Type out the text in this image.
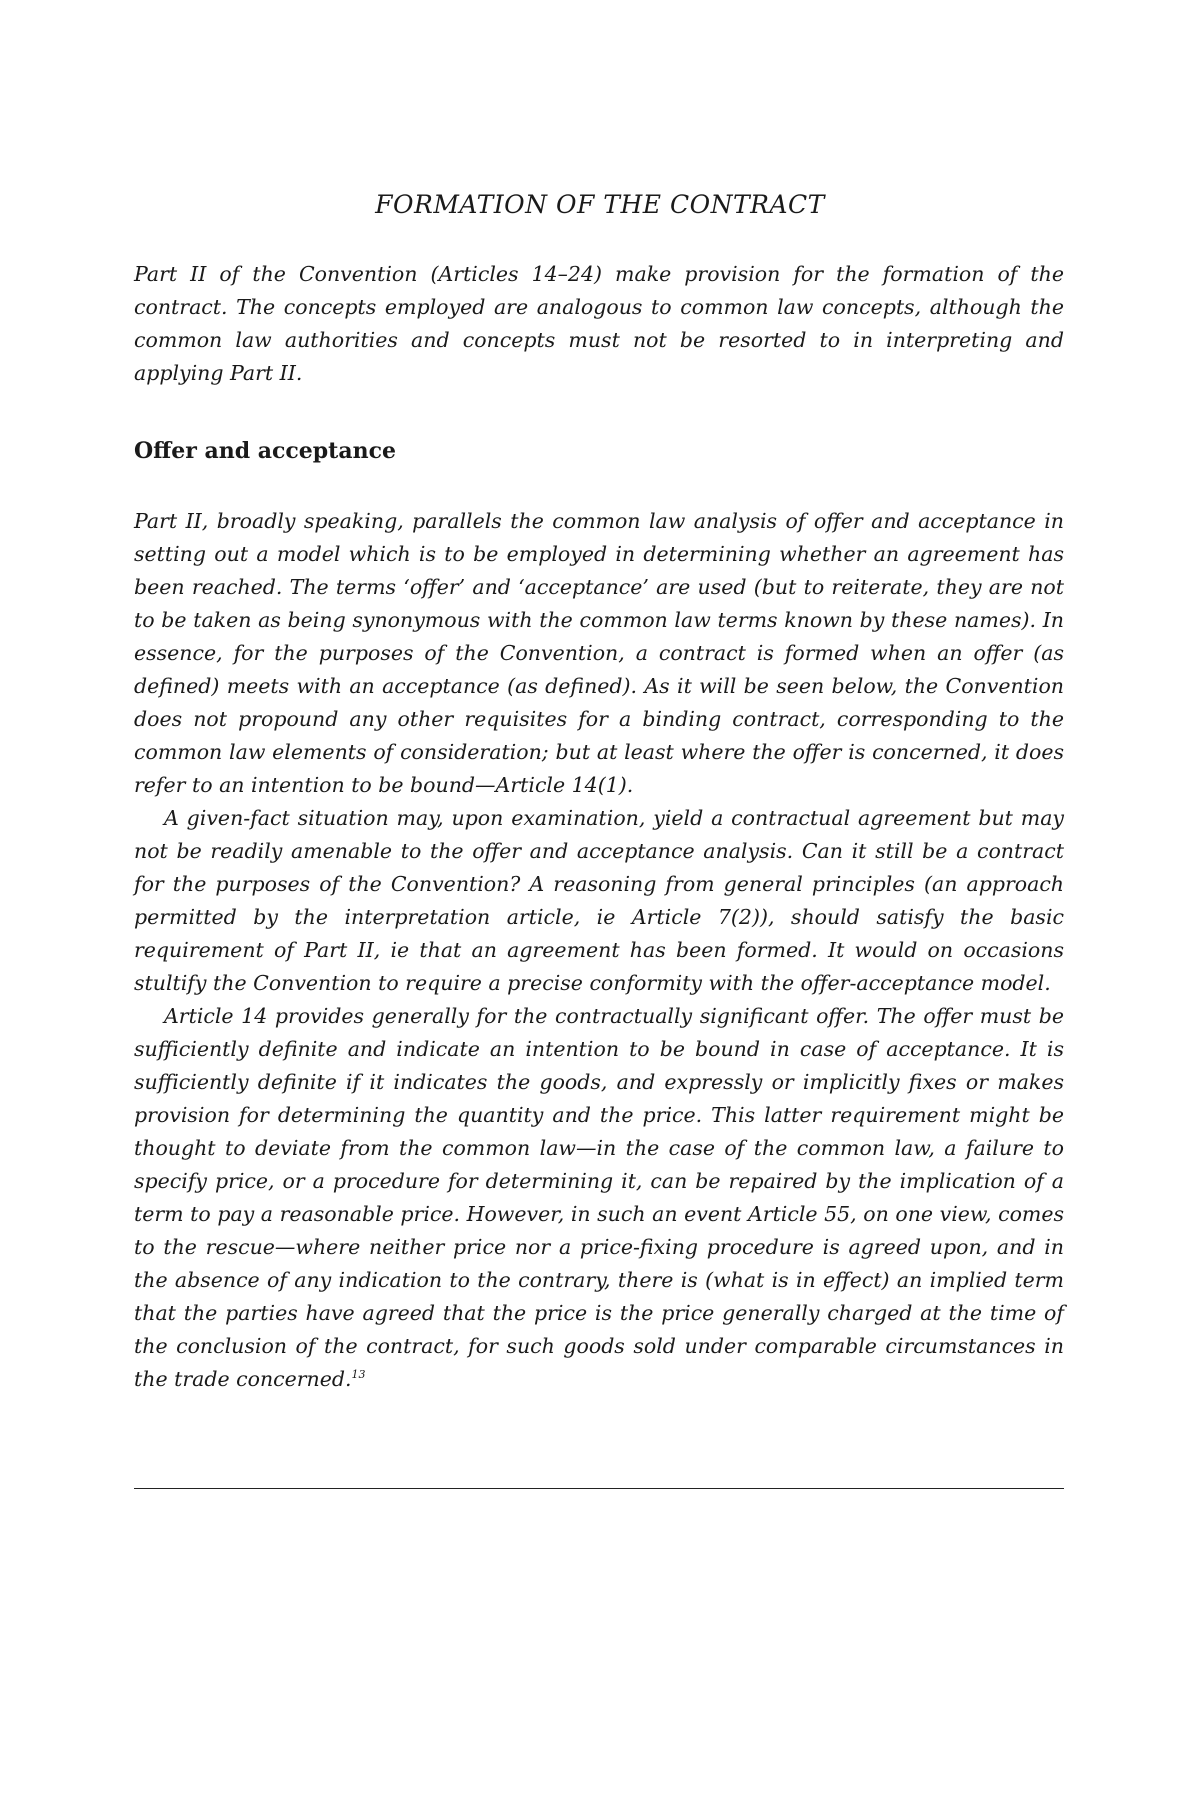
FORMATION OF THE CONTRACT

Part II of the Convention (Articles 14–24) make provision for the formation of the contract. The concepts employed are analogous to common law concepts, although the common law authorities and concepts must not be resorted to in interpreting and applying Part II.

Offer and acceptance

Part II, broadly speaking, parallels the common law analysis of offer and acceptance in setting out a model which is to be employed in determining whether an agreement has been reached. The terms ‘offer’ and ‘acceptance’ are used (but to reiterate, they are not to be taken as being synonymous with the common law terms known by these names). In essence, for the purposes of the Convention, a contract is formed when an offer (as defined) meets with an acceptance (as defined). As it will be seen below, the Convention does not propound any other requisites for a binding contract, corresponding to the common law elements of consideration; but at least where the offer is concerned, it does refer to an intention to be bound—Article 14(1).

A given-fact situation may, upon examination, yield a contractual agreement but may not be readily amenable to the offer and acceptance analysis. Can it still be a contract for the purposes of the Convention? A reasoning from general principles (an approach permitted by the interpretation article, ie Article 7(2)), should satisfy the basic requirement of Part II, ie that an agreement has been formed. It would on occasions stultify the Convention to require a precise conformity with the offer-acceptance model.

Article 14 provides generally for the contractually significant offer. The offer must be sufficiently definite and indicate an intention to be bound in case of acceptance. It is sufficiently definite if it indicates the goods, and expressly or implicitly fixes or makes provision for determining the quantity and the price. This latter requirement might be thought to deviate from the common law—in the case of the common law, a failure to specify price, or a procedure for determining it, can be repaired by the implication of a term to pay a reasonable price. However, in such an event Article 55, on one view, comes to the rescue—where neither price nor a price-fixing procedure is agreed upon, and in the absence of any indication to the contrary, there is (what is in effect) an implied term that the parties have agreed that the price is the price generally charged at the time of the conclusion of the contract, for such goods sold under comparable circumstances in the trade concerned.$^{13}$
